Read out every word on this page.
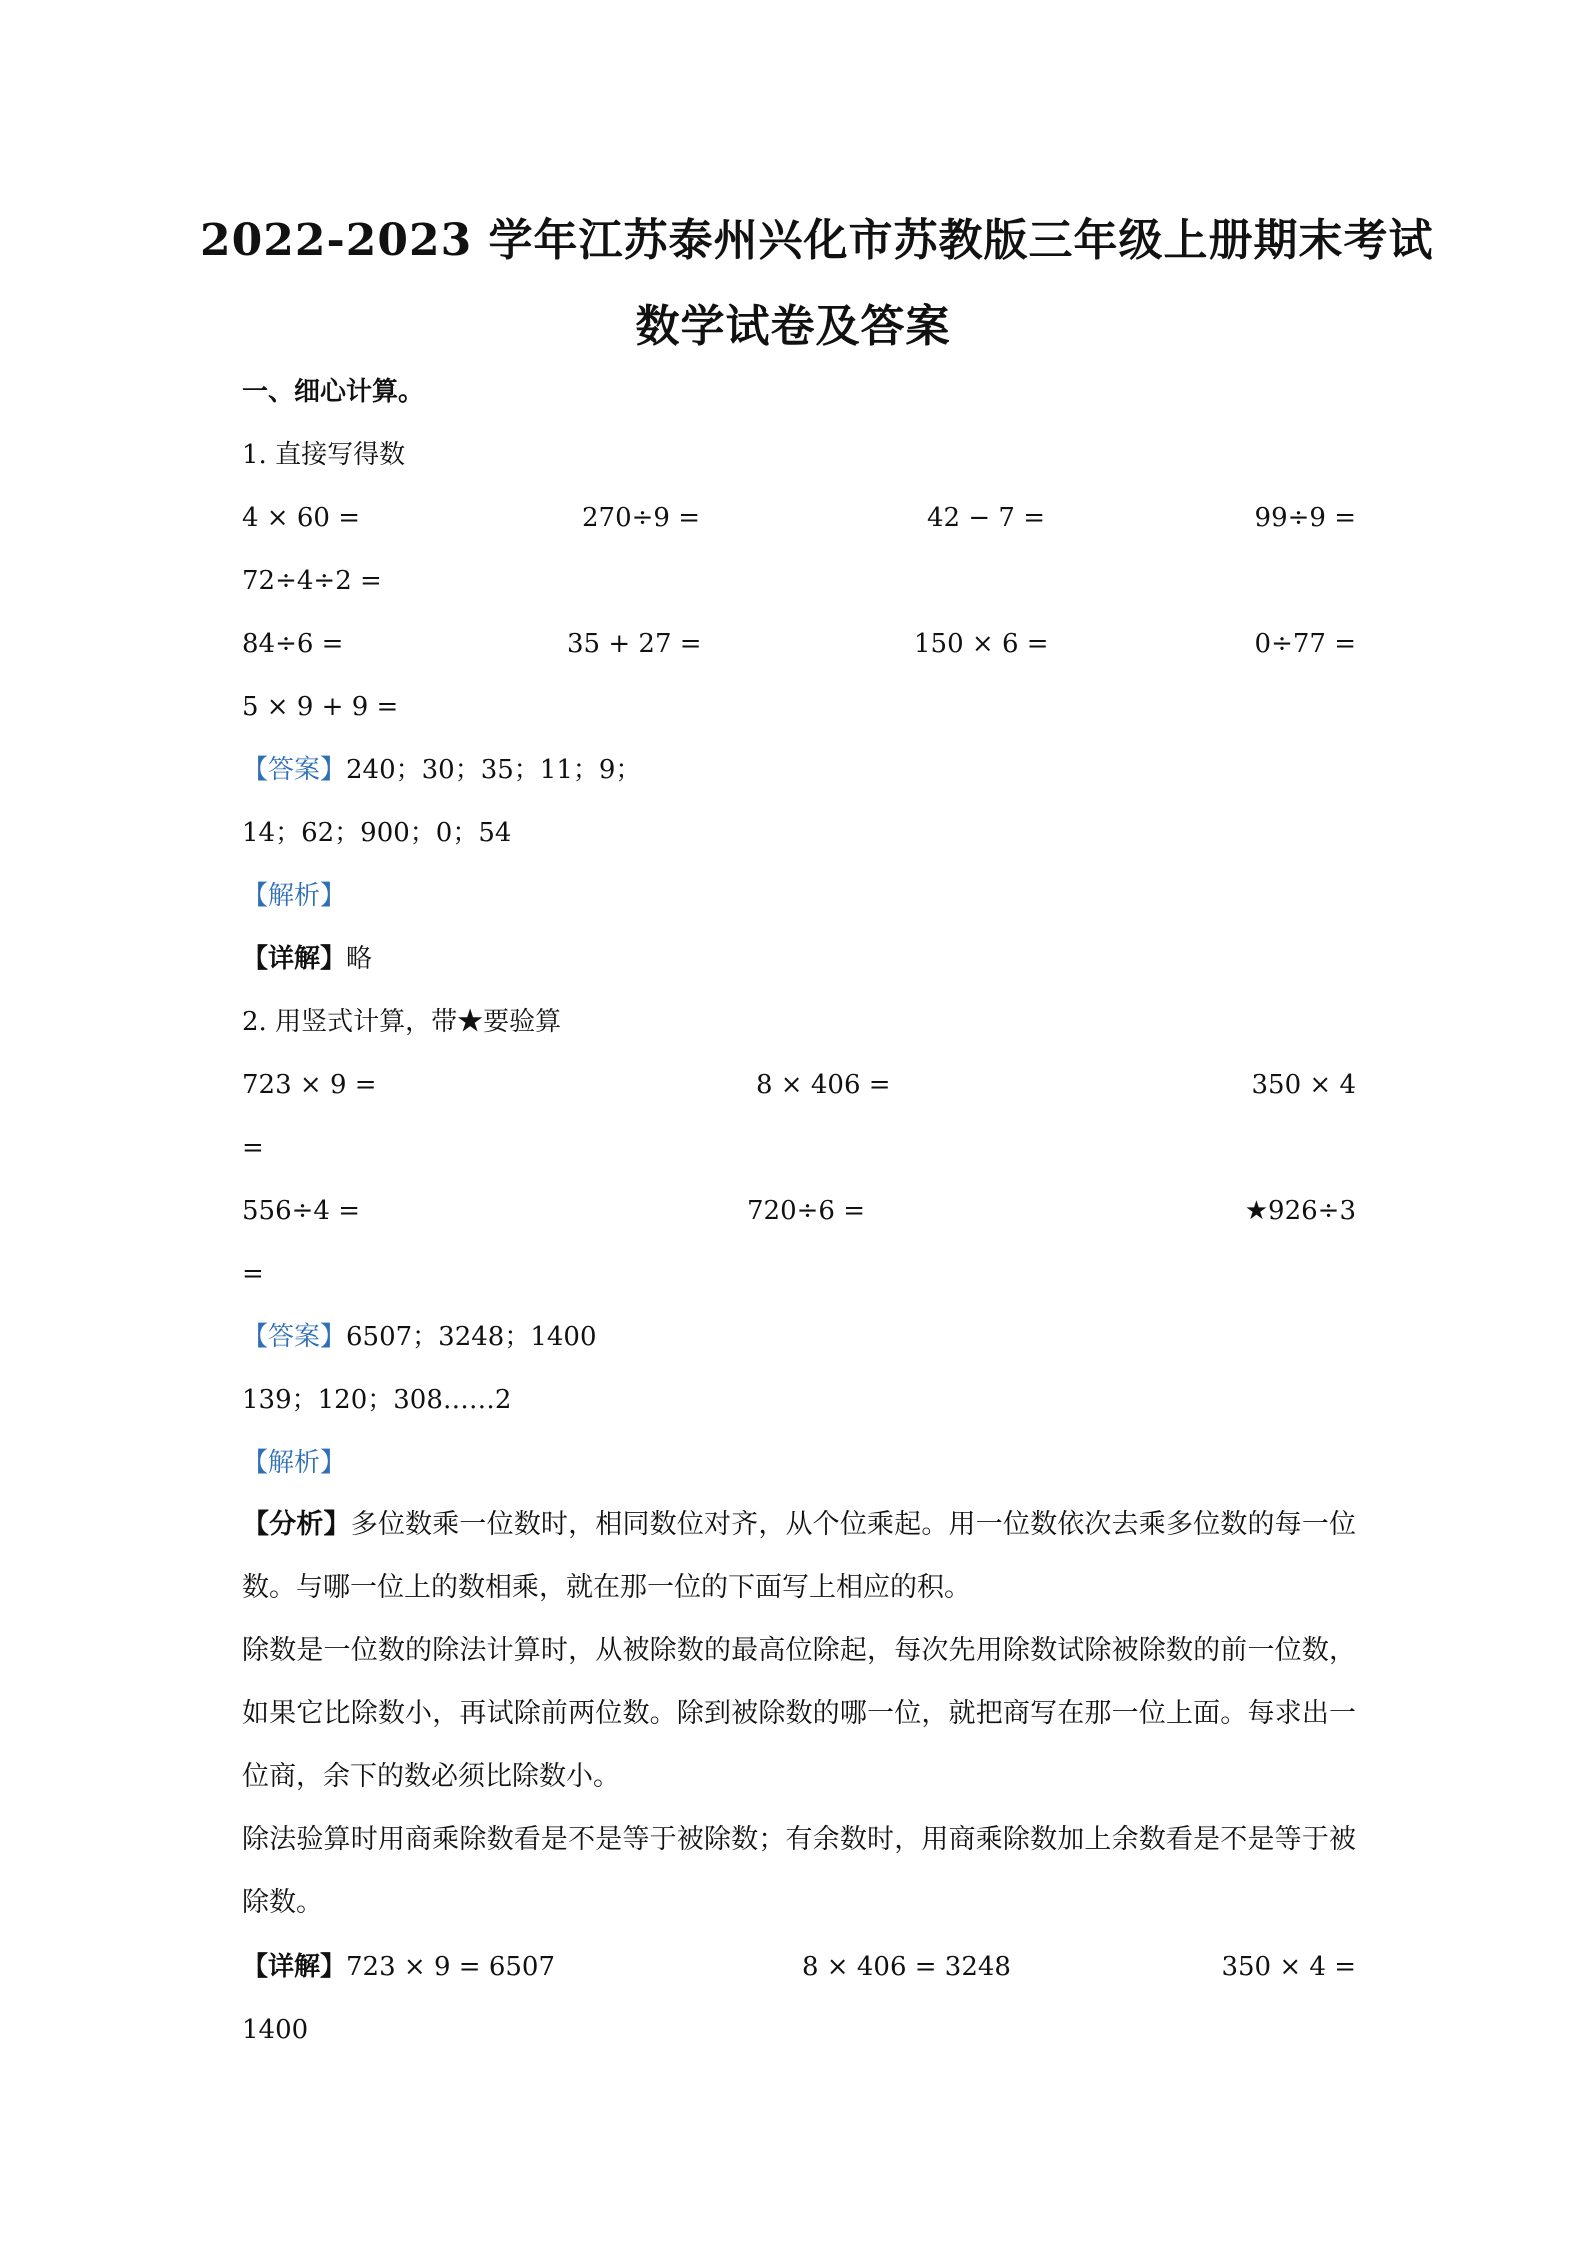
2022-2023 学年江苏泰州兴化市苏教版三年级上册期末考试
数学试卷及答案
一、细心计算。
1. 直接写得数
4 × 60 =	270÷9 =	42 − 7 =	99÷9 =
72÷4÷2 =
84÷6 =	35 + 27 =	150 × 6 =	0÷77 =
5 × 9 + 9 =
【答案】240；30；35；11；9；
14；62；900；0；54
【解析】
【详解】略
2. 用竖式计算，带★要验算
723 × 9 =	8 × 406 =	350 × 4
=
556÷4 =	720÷6 =	★926÷3
=
【答案】6507；3248；1400
139；120；308……2
【解析】
【分析】多位数乘一位数时，相同数位对齐，从个位乘起。用一位数依次去乘多位数的每一位数。与哪一位上的数相乘，就在那一位的下面写上相应的积。
除数是一位数的除法计算时，从被除数的最高位除起，每次先用除数试除被除数的前一位数，如果它比除数小，再试除前两位数。除到被除数的哪一位，就把商写在那一位上面。每求出一位商，余下的数必须比除数小。
除法验算时用商乘除数看是不是等于被除数；有余数时，用商乘除数加上余数看是不是等于被除数。
【详解】723 × 9 = 6507	8 × 406 = 3248	350 × 4 =
1400
